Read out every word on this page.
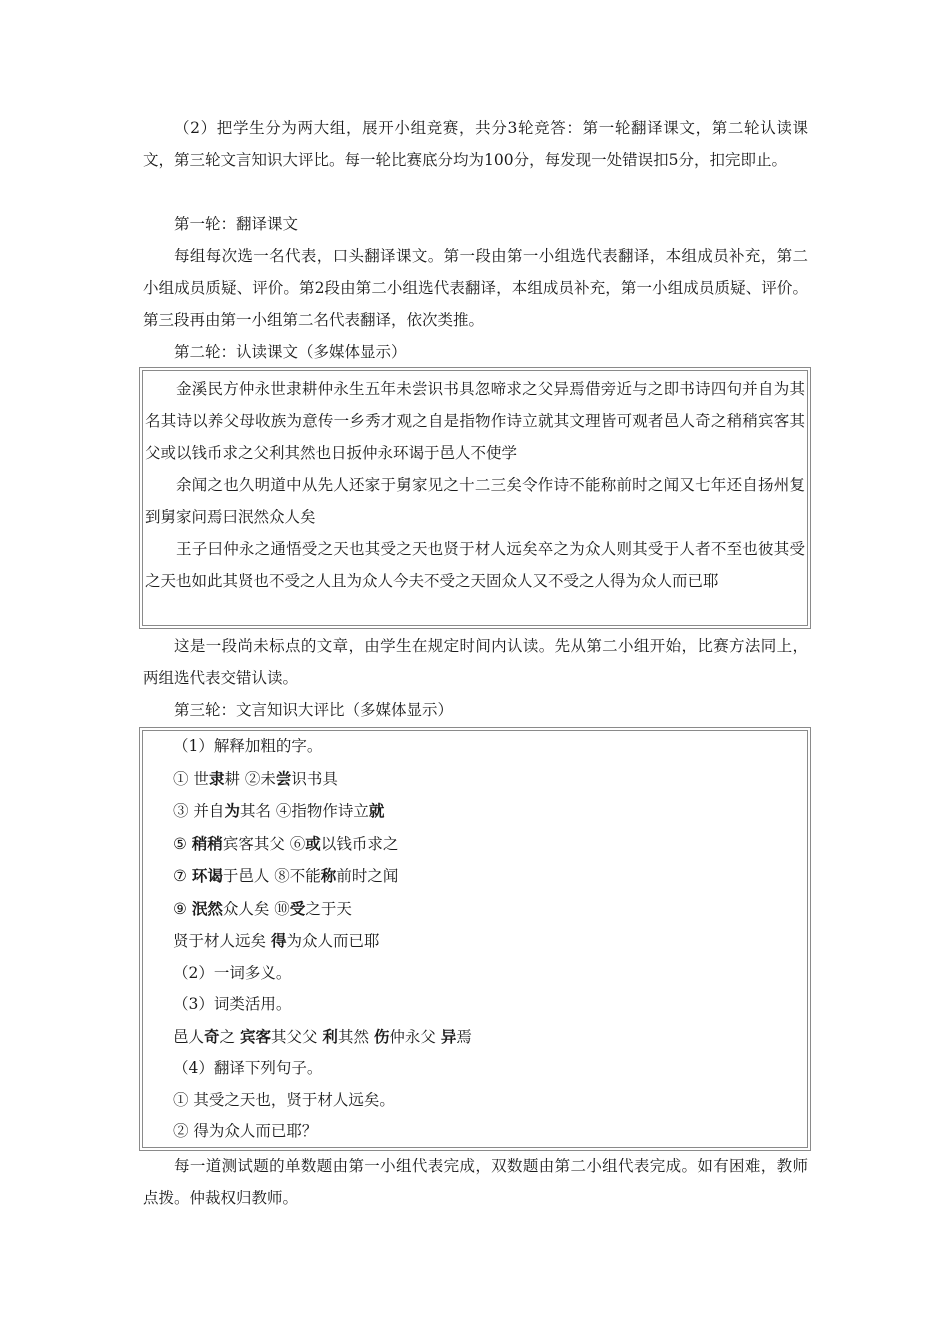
（2）把学生分为两大组，展开小组竞赛，共分3轮竞答：第一轮翻译课文，第二轮认读课文，第三轮文言知识大评比。每一轮比赛底分均为100分，每发现一处错误扣5分，扣完即止。

第一轮：翻译课文

每组每次选一名代表，口头翻译课文。第一段由第一小组选代表翻译，本组成员补充，第二小组成员质疑、评价。第2段由第二小组选代表翻译，本组成员补充，第一小组成员质疑、评价。第三段再由第一小组第二名代表翻译，依次类推。

第二轮：认读课文（多媒体显示）

金溪民方仲永世隶耕仲永生五年未尝识书具忽啼求之父异焉借旁近与之即书诗四句并自为其名其诗以养父母收族为意传一乡秀才观之自是指物作诗立就其文理皆可观者邑人奇之稍稍宾客其父或以钱币求之父利其然也日扳仲永环谒于邑人不使学

余闻之也久明道中从先人还家于舅家见之十二三矣令作诗不能称前时之闻又七年还自扬州复到舅家问焉曰泯然众人矣

王子曰仲永之通悟受之天也其受之天也贤于材人远矣卒之为众人则其受于人者不至也彼其受之天也如此其贤也不受之人且为众人今夫不受之天固众人又不受之人得为众人而已耶

这是一段尚未标点的文章，由学生在规定时间内认读。先从第二小组开始，比赛方法同上，两组选代表交错认读。

第三轮：文言知识大评比（多媒体显示）

（1）解释加粗的字。

① 世隶耕 ②未尝识书具

③ 并自为其名 ④指物作诗立就

⑤ 稍稍宾客其父 ⑥或以钱币求之

⑦ 环谒于邑人 ⑧不能称前时之闻

⑨ 泯然众人矣 ⑩受之于天

贤于材人远矣 得为众人而已耶

（2）一词多义。

（3）词类活用。

邑人奇之 宾客其父父 利其然 伤仲永父 异焉

（4）翻译下列句子。

① 其受之天也，贤于材人远矣。

② 得为众人而已耶？

每一道测试题的单数题由第一小组代表完成，双数题由第二小组代表完成。如有困难，教师点拨。仲裁权归教师。
